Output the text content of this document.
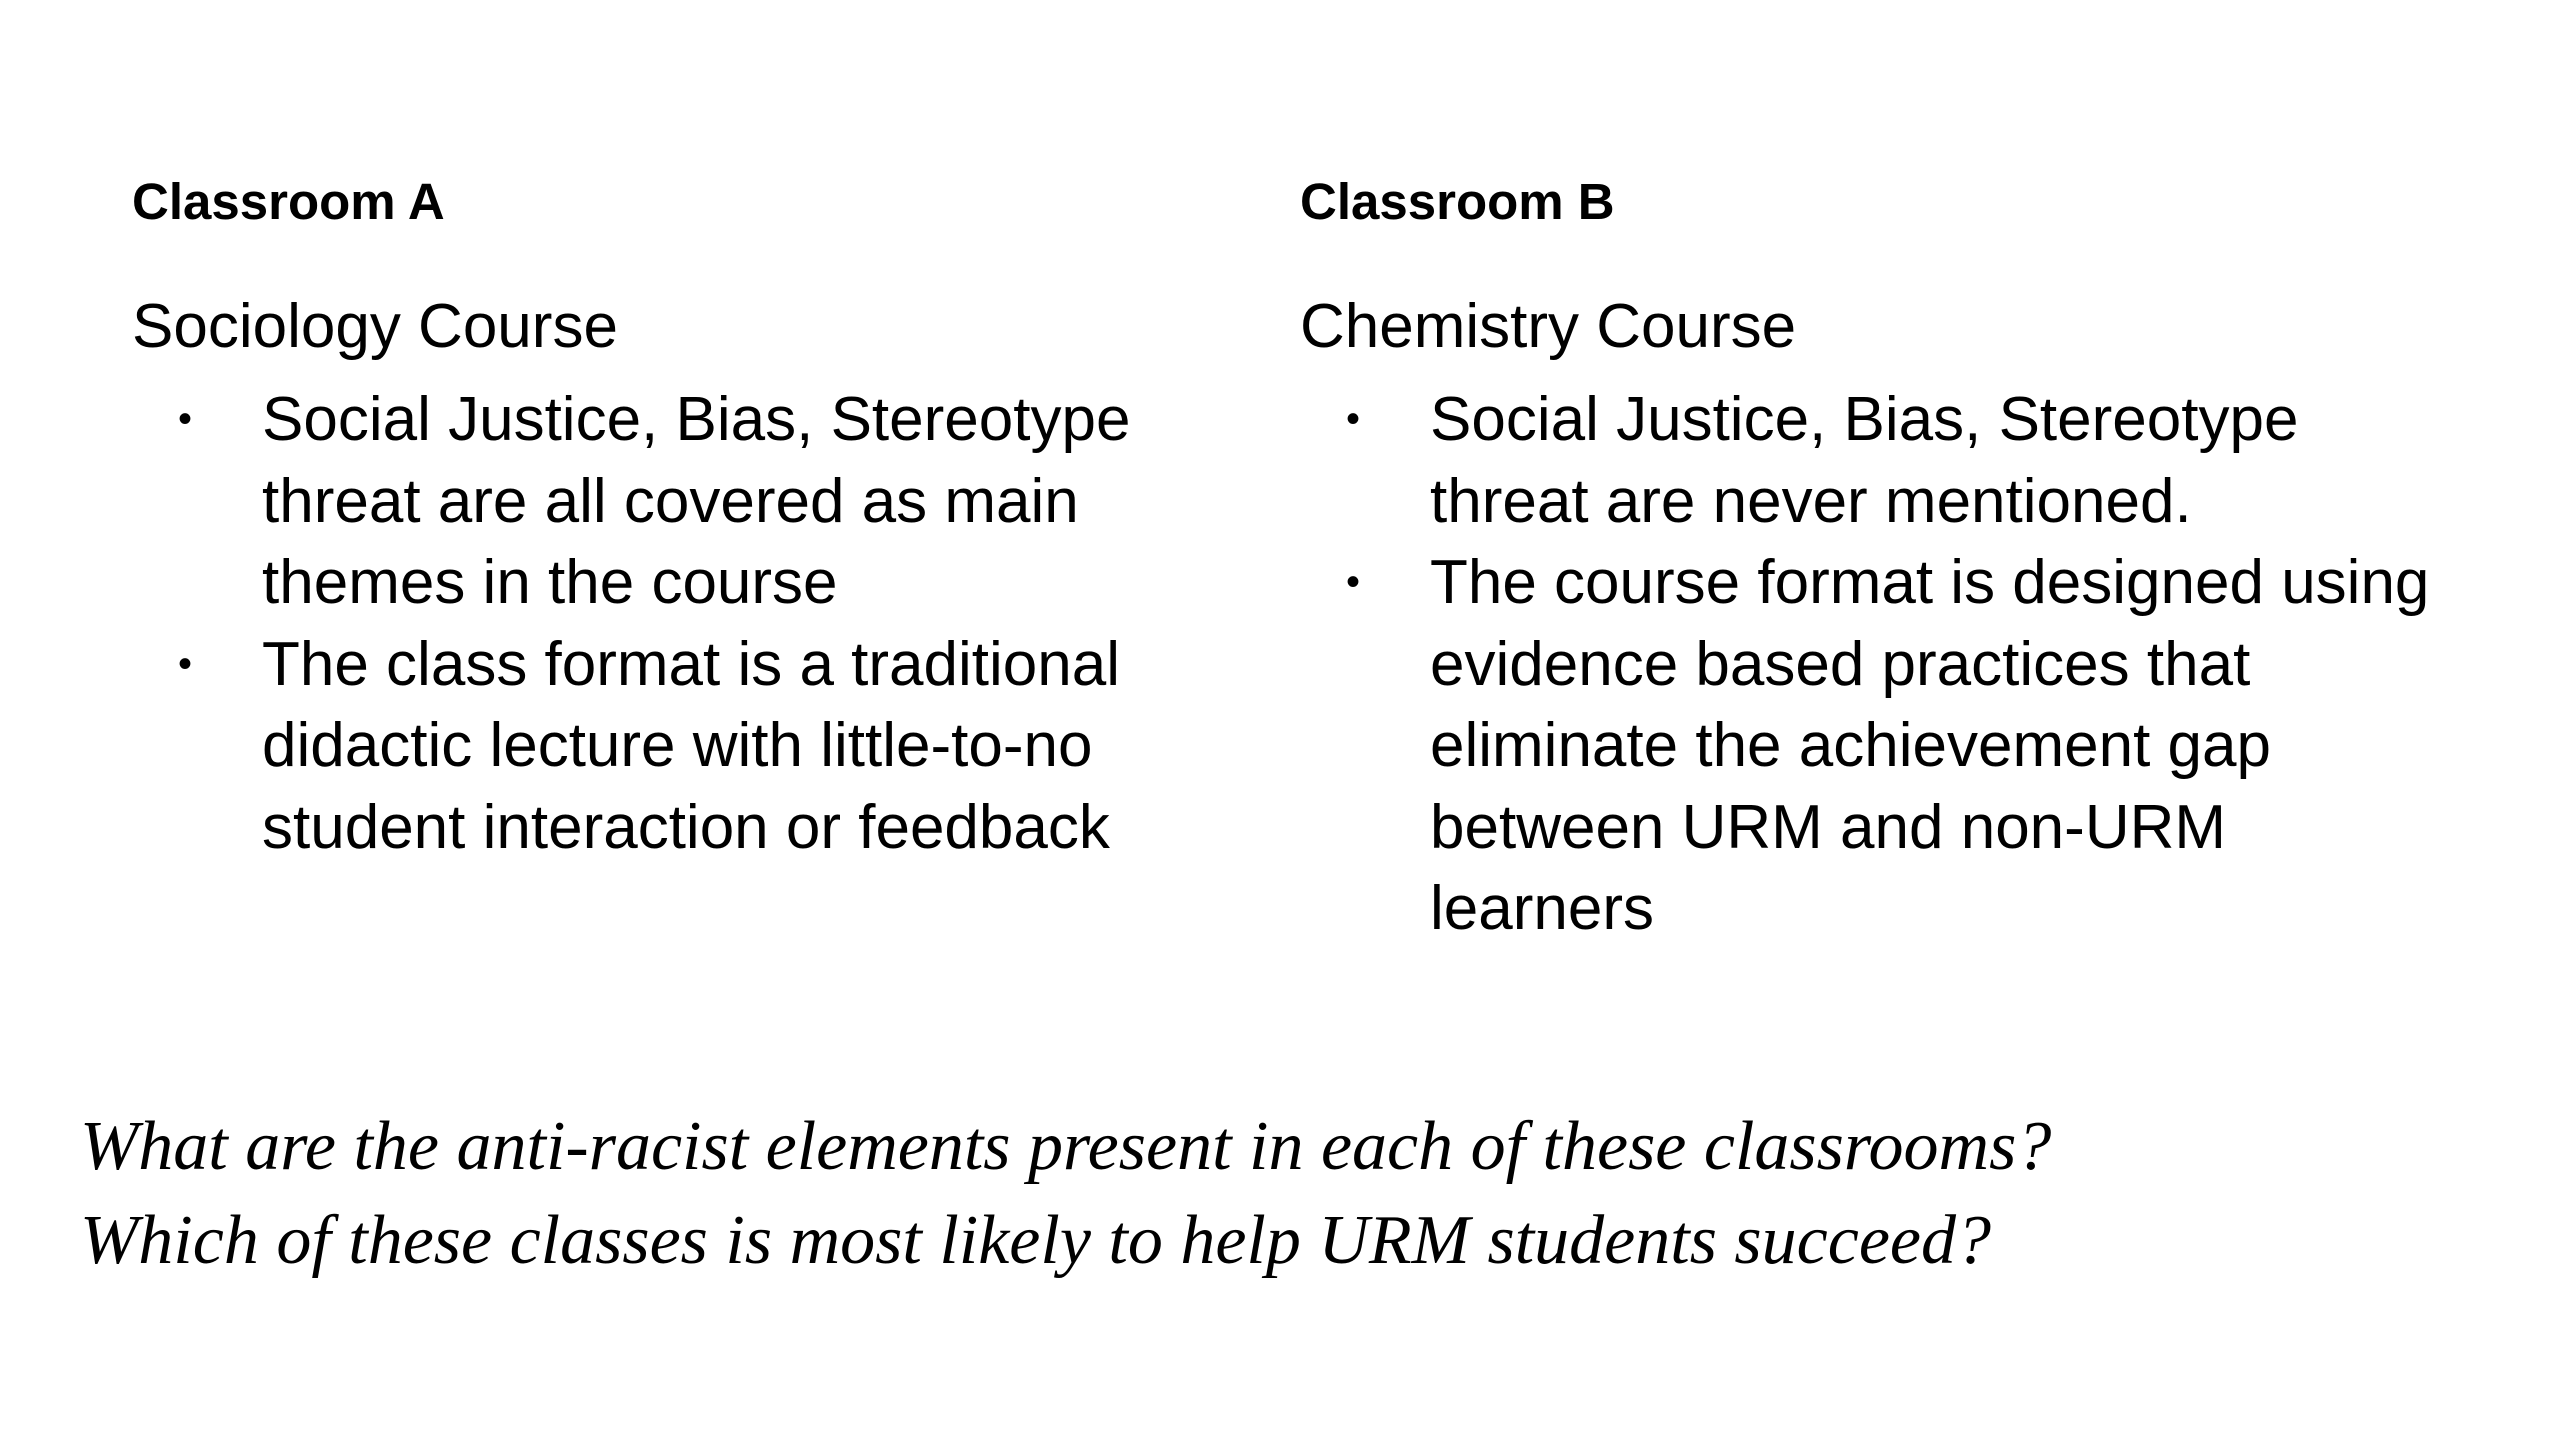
Classroom A
Sociology Course
• Social Justice, Bias, Stereotype threat are all covered as main themes in the course
• The class format is a traditional didactic lecture with little-to-no student interaction or feedback
Classroom B
Chemistry Course
• Social Justice, Bias, Stereotype threat are never mentioned.
• The course format is designed using evidence based practices that eliminate the achievement gap between URM and non-URM learners
What are the anti-racist elements present in each of these classrooms?
Which of these classes is most likely to help URM students succeed?
